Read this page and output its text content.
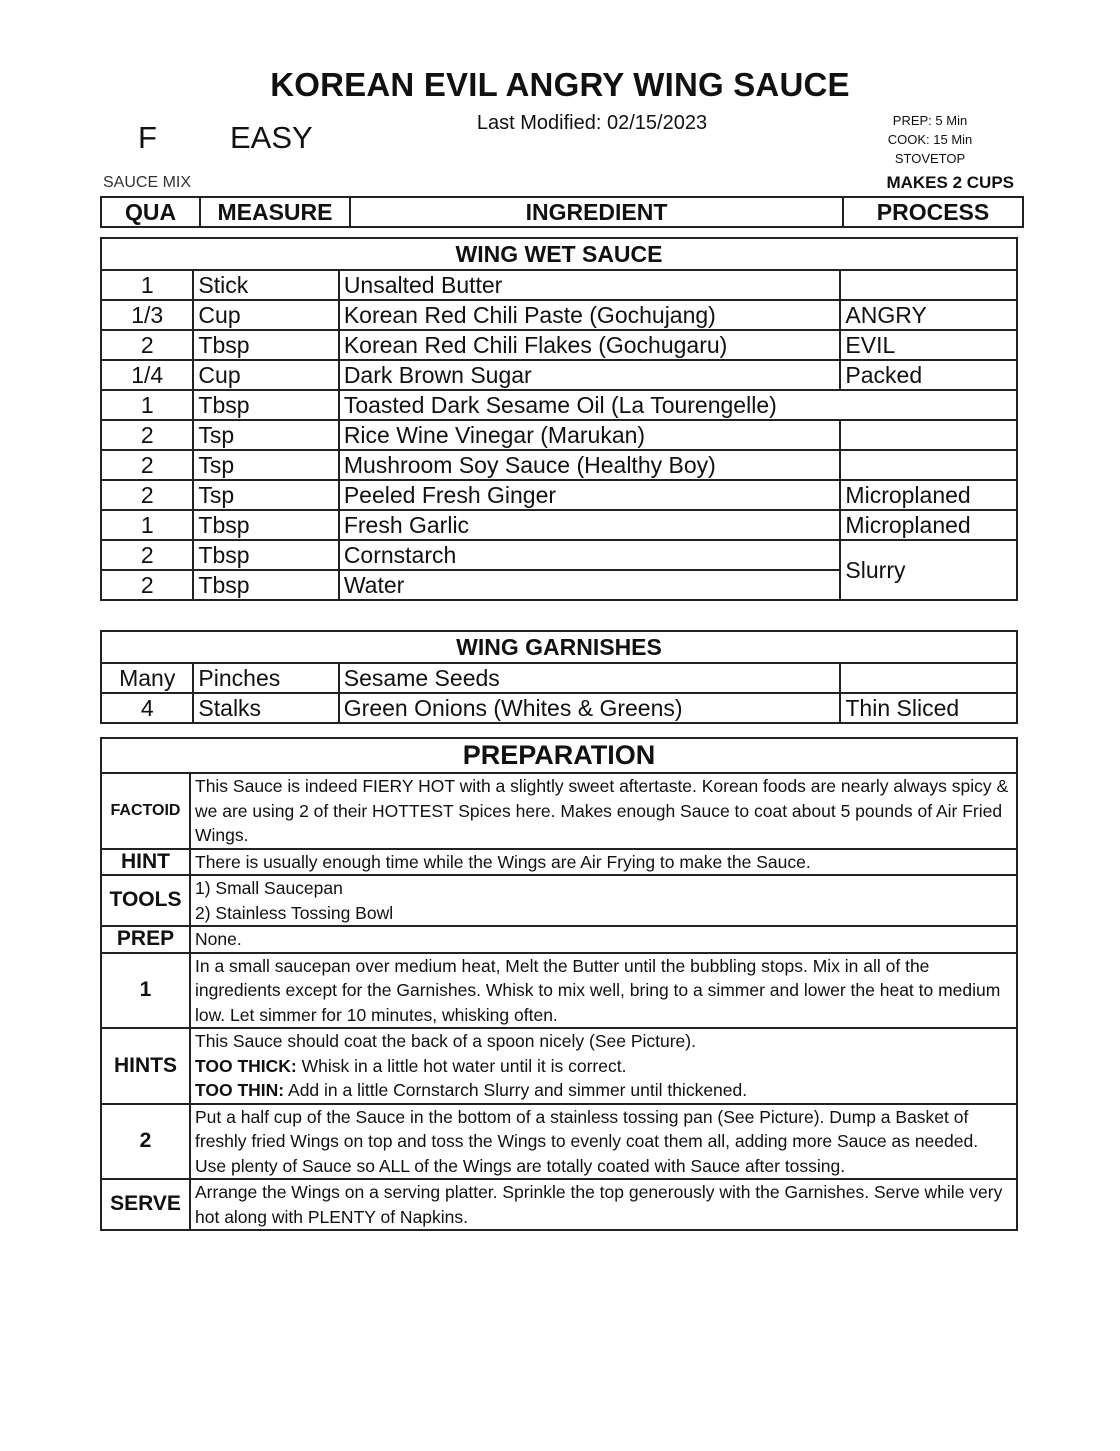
KOREAN EVIL ANGRY WING SAUCE
Last Modified: 02/15/2023
F EASY	PREP: 5 Min
COOK: 15 Min
STOVETOP
SAUCE MIX	MAKES 2 CUPS
QUA	MEASURE	INGREDIENT	PROCESS
WING WET SAUCE			
1	Stick	Unsalted Butter	
1/3	Cup	Korean Red Chili Paste (Gochujang)	ANGRY
2	Tbsp	Korean Red Chili Flakes (Gochugaru)	EVIL
1/4	Cup	Dark Brown Sugar	Packed
1	Tbsp	Toasted Dark Sesame Oil (La Tourengelle)	
2	Tsp	Rice Wine Vinegar (Marukan)	
2	Tsp	Mushroom Soy Sauce (Healthy Boy)	
2	Tsp	Peeled Fresh Ginger	Microplaned
1	Tbsp	Fresh Garlic	Microplaned
2	Tbsp	Cornstarch	Slurry
2	Tbsp	Water	
WING GARNISHES			
Many	Pinches	Sesame Seeds	
4	Stalks	Green Onions (Whites & Greens)	Thin Sliced
PREPARATION	
FACTOID	This Sauce is indeed FIERY HOT with a slightly sweet aftertaste. Korean foods are nearly always spicy & we are using 2 of their HOTTEST Spices here. Makes enough Sauce to coat about 5 pounds of Air Fried Wings.
HINT	There is usually enough time while the Wings are Air Frying to make the Sauce.
TOOLS	1) Small Saucepan
2) Stainless Tossing Bowl

PREP	None.
1	In a small saucepan over medium heat, Melt the Butter until the bubbling stops. Mix in all of the ingredients except for the Garnishes. Whisk to mix well, bring to a simmer and lower the heat to medium low. Let simmer for 10 minutes, whisking often.
HINTS	This Sauce should coat the back of a spoon nicely (See Picture).
TOO THICK: Whisk in a little hot water until it is correct.
TOO THIN: Add in a little Cornstarch Slurry and simmer until thickened.

2	Put a half cup of the Sauce in the bottom of a stainless tossing pan (See Picture). Dump a Basket of freshly fried Wings on top and toss the Wings to evenly coat them all, adding more Sauce as needed. Use plenty of Sauce so ALL of the Wings are totally coated with Sauce after tossing.
SERVE	Arrange the Wings on a serving platter. Sprinkle the top generously with the Garnishes. Serve while very hot along with PLENTY of Napkins.
